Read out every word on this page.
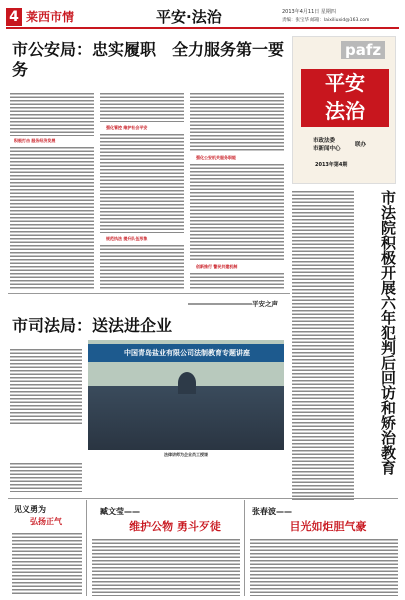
4 莱西市情	平安·法治	2013年4月11日 星期四
责编：张宝华 邮箱：laixiliuxid@163.com
市公安局：忠实履职　全力服务第一要务
积极打击 服务经济发展
强化管控 维护社会平安
规范执法 提升队伍形象
强化公安机关服务职能
创新推行 警民共建机制
pafz
平安
法治
市政法委
市新闻中心
联办
2013年第4期
市法院积极开展六年犯判后回访和矫治教育
平安之声
市司法局：送法进企业
中国青岛盐业有限公司法制教育专题讲座
法律讲师为企业员工授课
见义勇为
弘扬正气
臧文莹——
维护公物 勇斗歹徒
张春波——
目光如炬胆气豪
